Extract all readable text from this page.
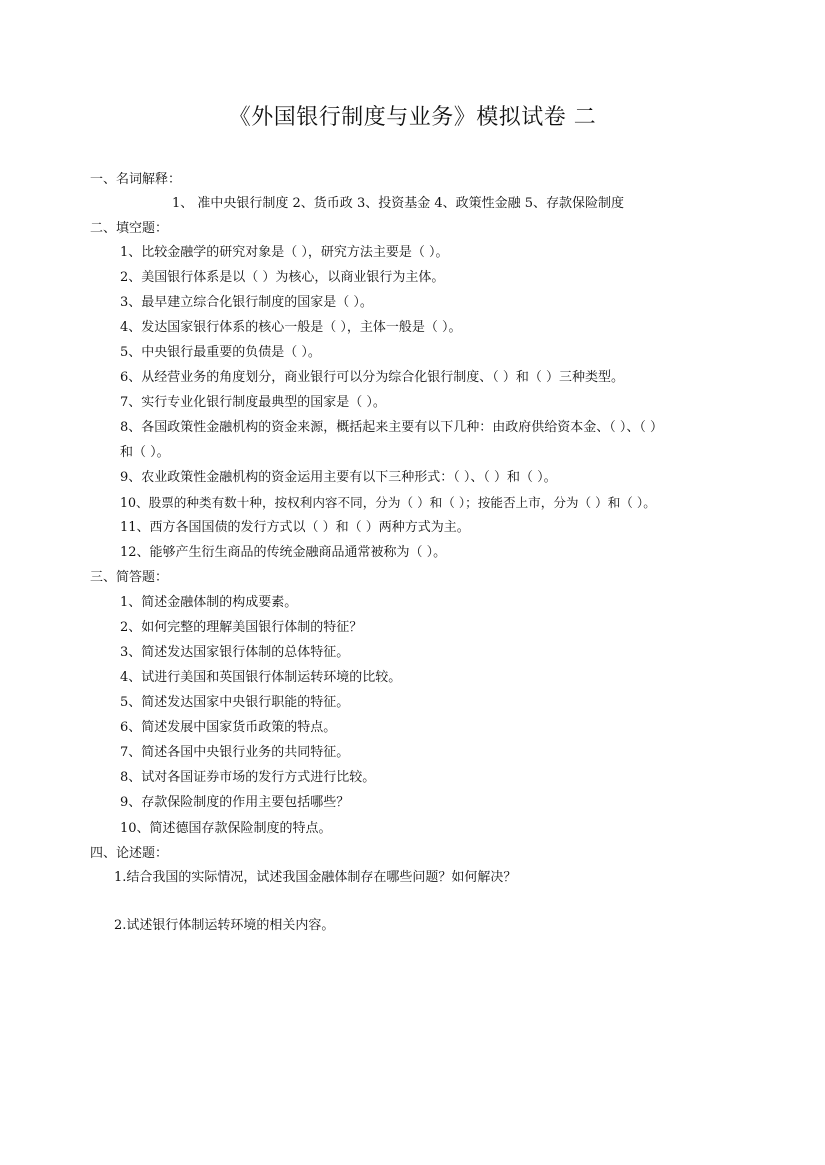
《外国银行制度与业务》模拟试卷 二

一、名词解释：

1、 准中央银行制度 2、货币政 3、投资基金 4、政策性金融 5、存款保险制度

二、填空题：

1、比较金融学的研究对象是（ ），研究方法主要是（ ）。

2、美国银行体系是以（ ）为核心，以商业银行为主体。

3、最早建立综合化银行制度的国家是（ ）。

4、发达国家银行体系的核心一般是（ ），主体一般是（ ）。

5、中央银行最重要的负债是（ ）。

6、从经营业务的角度划分，商业银行可以分为综合化银行制度、（ ）和（ ）三种类型。

7、实行专业化银行制度最典型的国家是（ ）。

8、各国政策性金融机构的资金来源，概括起来主要有以下几种：由政府供给资本金、（ ）、（ ）

和（ ）。

9、农业政策性金融机构的资金运用主要有以下三种形式：（ ）、（ ）和（ ）。

10、股票的种类有数十种，按权利内容不同，分为（ ）和（ ）；按能否上市，分为（ ）和（ ）。

11、西方各国国债的发行方式以（ ）和（ ）两种方式为主。

12、能够产生衍生商品的传统金融商品通常被称为（ ）。

三、简答题：

1、简述金融体制的构成要素。

2、如何完整的理解美国银行体制的特征？

3、简述发达国家银行体制的总体特征。

4、试进行美国和英国银行体制运转环境的比较。

5、简述发达国家中央银行职能的特征。

6、简述发展中国家货币政策的特点。

7、简述各国中央银行业务的共同特征。

8、试对各国证券市场的发行方式进行比较。

9、存款保险制度的作用主要包括哪些？

10、简述德国存款保险制度的特点。

四、论述题：

1.结合我国的实际情况，试述我国金融体制存在哪些问题？如何解决？

2.试述银行体制运转环境的相关内容。
